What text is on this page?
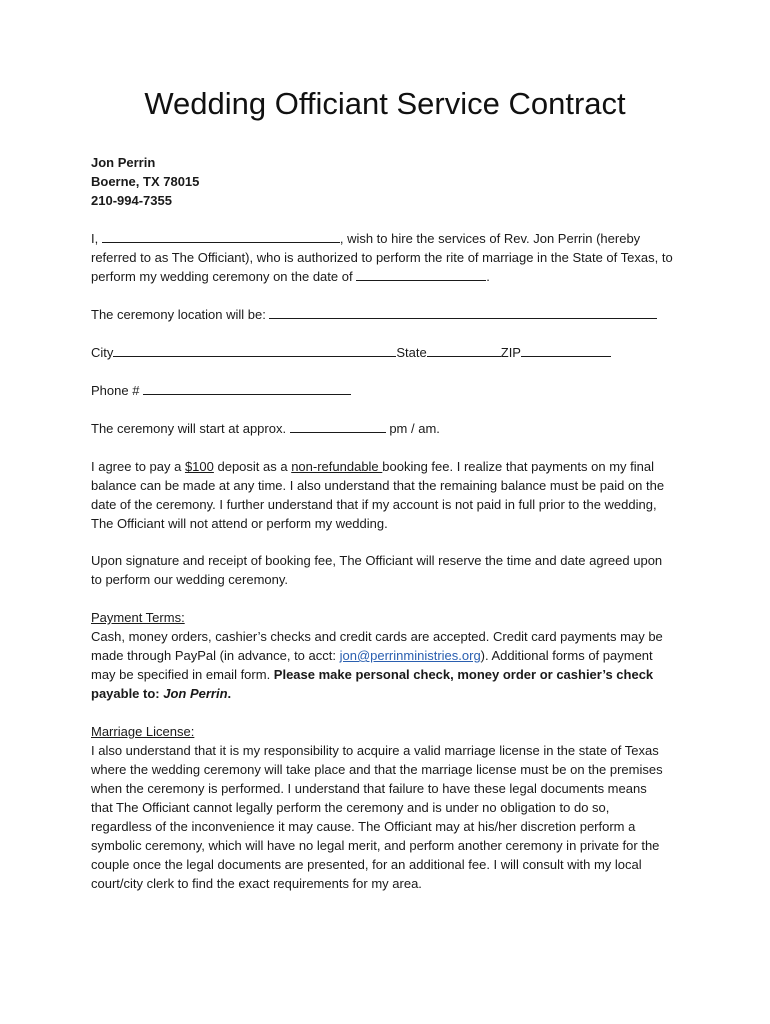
Wedding Officiant Service Contract
Jon Perrin
Boerne, TX 78015
210-994-7355

I,	, wish to hire the services of Rev. Jon Perrin (hereby referred to as The Officiant), who is authorized to perform the rite of marriage in the State of Texas, to perform my wedding ceremony on the date of	.

The ceremony location will be:

City	State	ZIP

Phone #

The ceremony will start at approx.	pm / am.

I agree to pay a $100 deposit as a non-refundable booking fee. I realize that payments on my final balance can be made at any time. I also understand that the remaining balance must be paid on the date of the ceremony. I further understand that if my account is not paid in full prior to the wedding, The Officiant will not attend or perform my wedding.

Upon signature and receipt of booking fee, The Officiant will reserve the time and date agreed upon to perform our wedding ceremony.

Payment Terms:

Cash, money orders, cashier’s checks and credit cards are accepted. Credit card payments may be made through PayPal (in advance, to acct: jon@perrinministries.org). Additional forms of payment may be specified in email form. Please make personal check, money order or cashier’s check payable to: Jon Perrin.

Marriage License:

I also understand that it is my responsibility to acquire a valid marriage license in the state of Texas where the wedding ceremony will take place and that the marriage license must be on the premises when the ceremony is performed. I understand that failure to have these legal documents means that The Officiant cannot legally perform the ceremony and is under no obligation to do so, regardless of the inconvenience it may cause. The Officiant may at his/her discretion perform a symbolic ceremony, which will have no legal merit, and perform another ceremony in private for the couple once the legal documents are presented, for an additional fee. I will consult with my local court/city clerk to find the exact requirements for my area.
